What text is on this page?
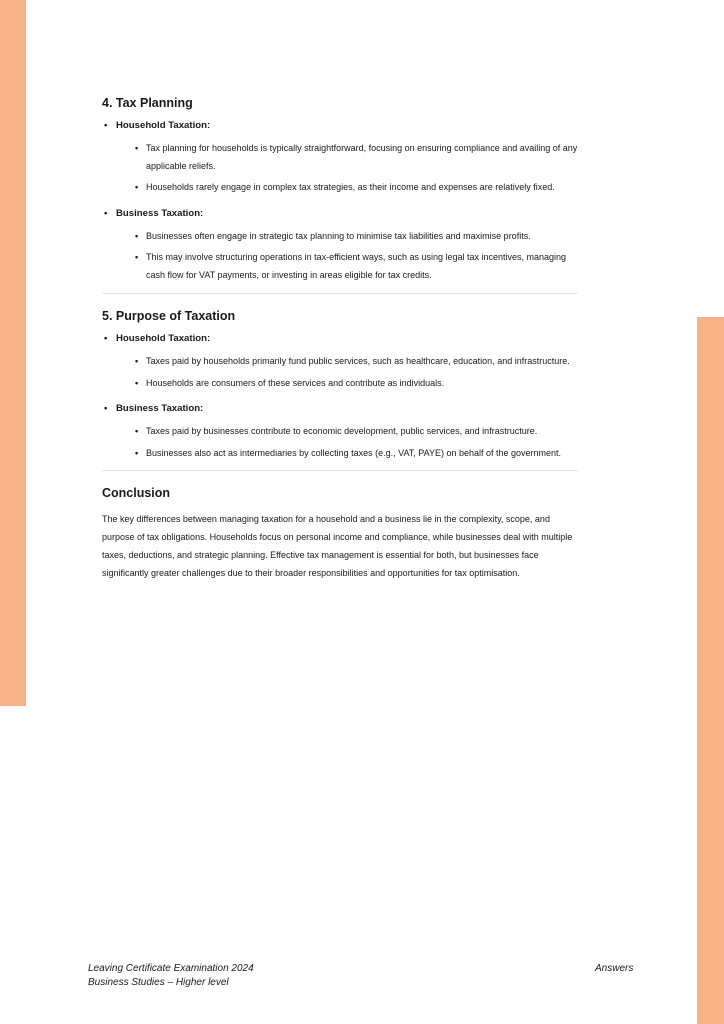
4. Tax Planning
• Household Taxation:
• Tax planning for households is typically straightforward, focusing on ensuring compliance and availing of any applicable reliefs.
• Households rarely engage in complex tax strategies, as their income and expenses are relatively fixed.
• Business Taxation:
• Businesses often engage in strategic tax planning to minimise tax liabilities and maximise profits.
• This may involve structuring operations in tax-efficient ways, such as using legal tax incentives, managing cash flow for VAT payments, or investing in areas eligible for tax credits.
5. Purpose of Taxation
• Household Taxation:
• Taxes paid by households primarily fund public services, such as healthcare, education, and infrastructure.
• Households are consumers of these services and contribute as individuals.
• Business Taxation:
• Taxes paid by businesses contribute to economic development, public services, and infrastructure.
• Businesses also act as intermediaries by collecting taxes (e.g., VAT, PAYE) on behalf of the government.
Conclusion

The key differences between managing taxation for a household and a business lie in the complexity, scope, and purpose of tax obligations. Households focus on personal income and compliance, while businesses deal with multiple taxes, deductions, and strategic planning. Effective tax management is essential for both, but businesses face significantly greater challenges due to their broader responsibilities and opportunities for tax optimisation.

Leaving Certificate Examination 2024
Business Studies – Higher level
Answers
